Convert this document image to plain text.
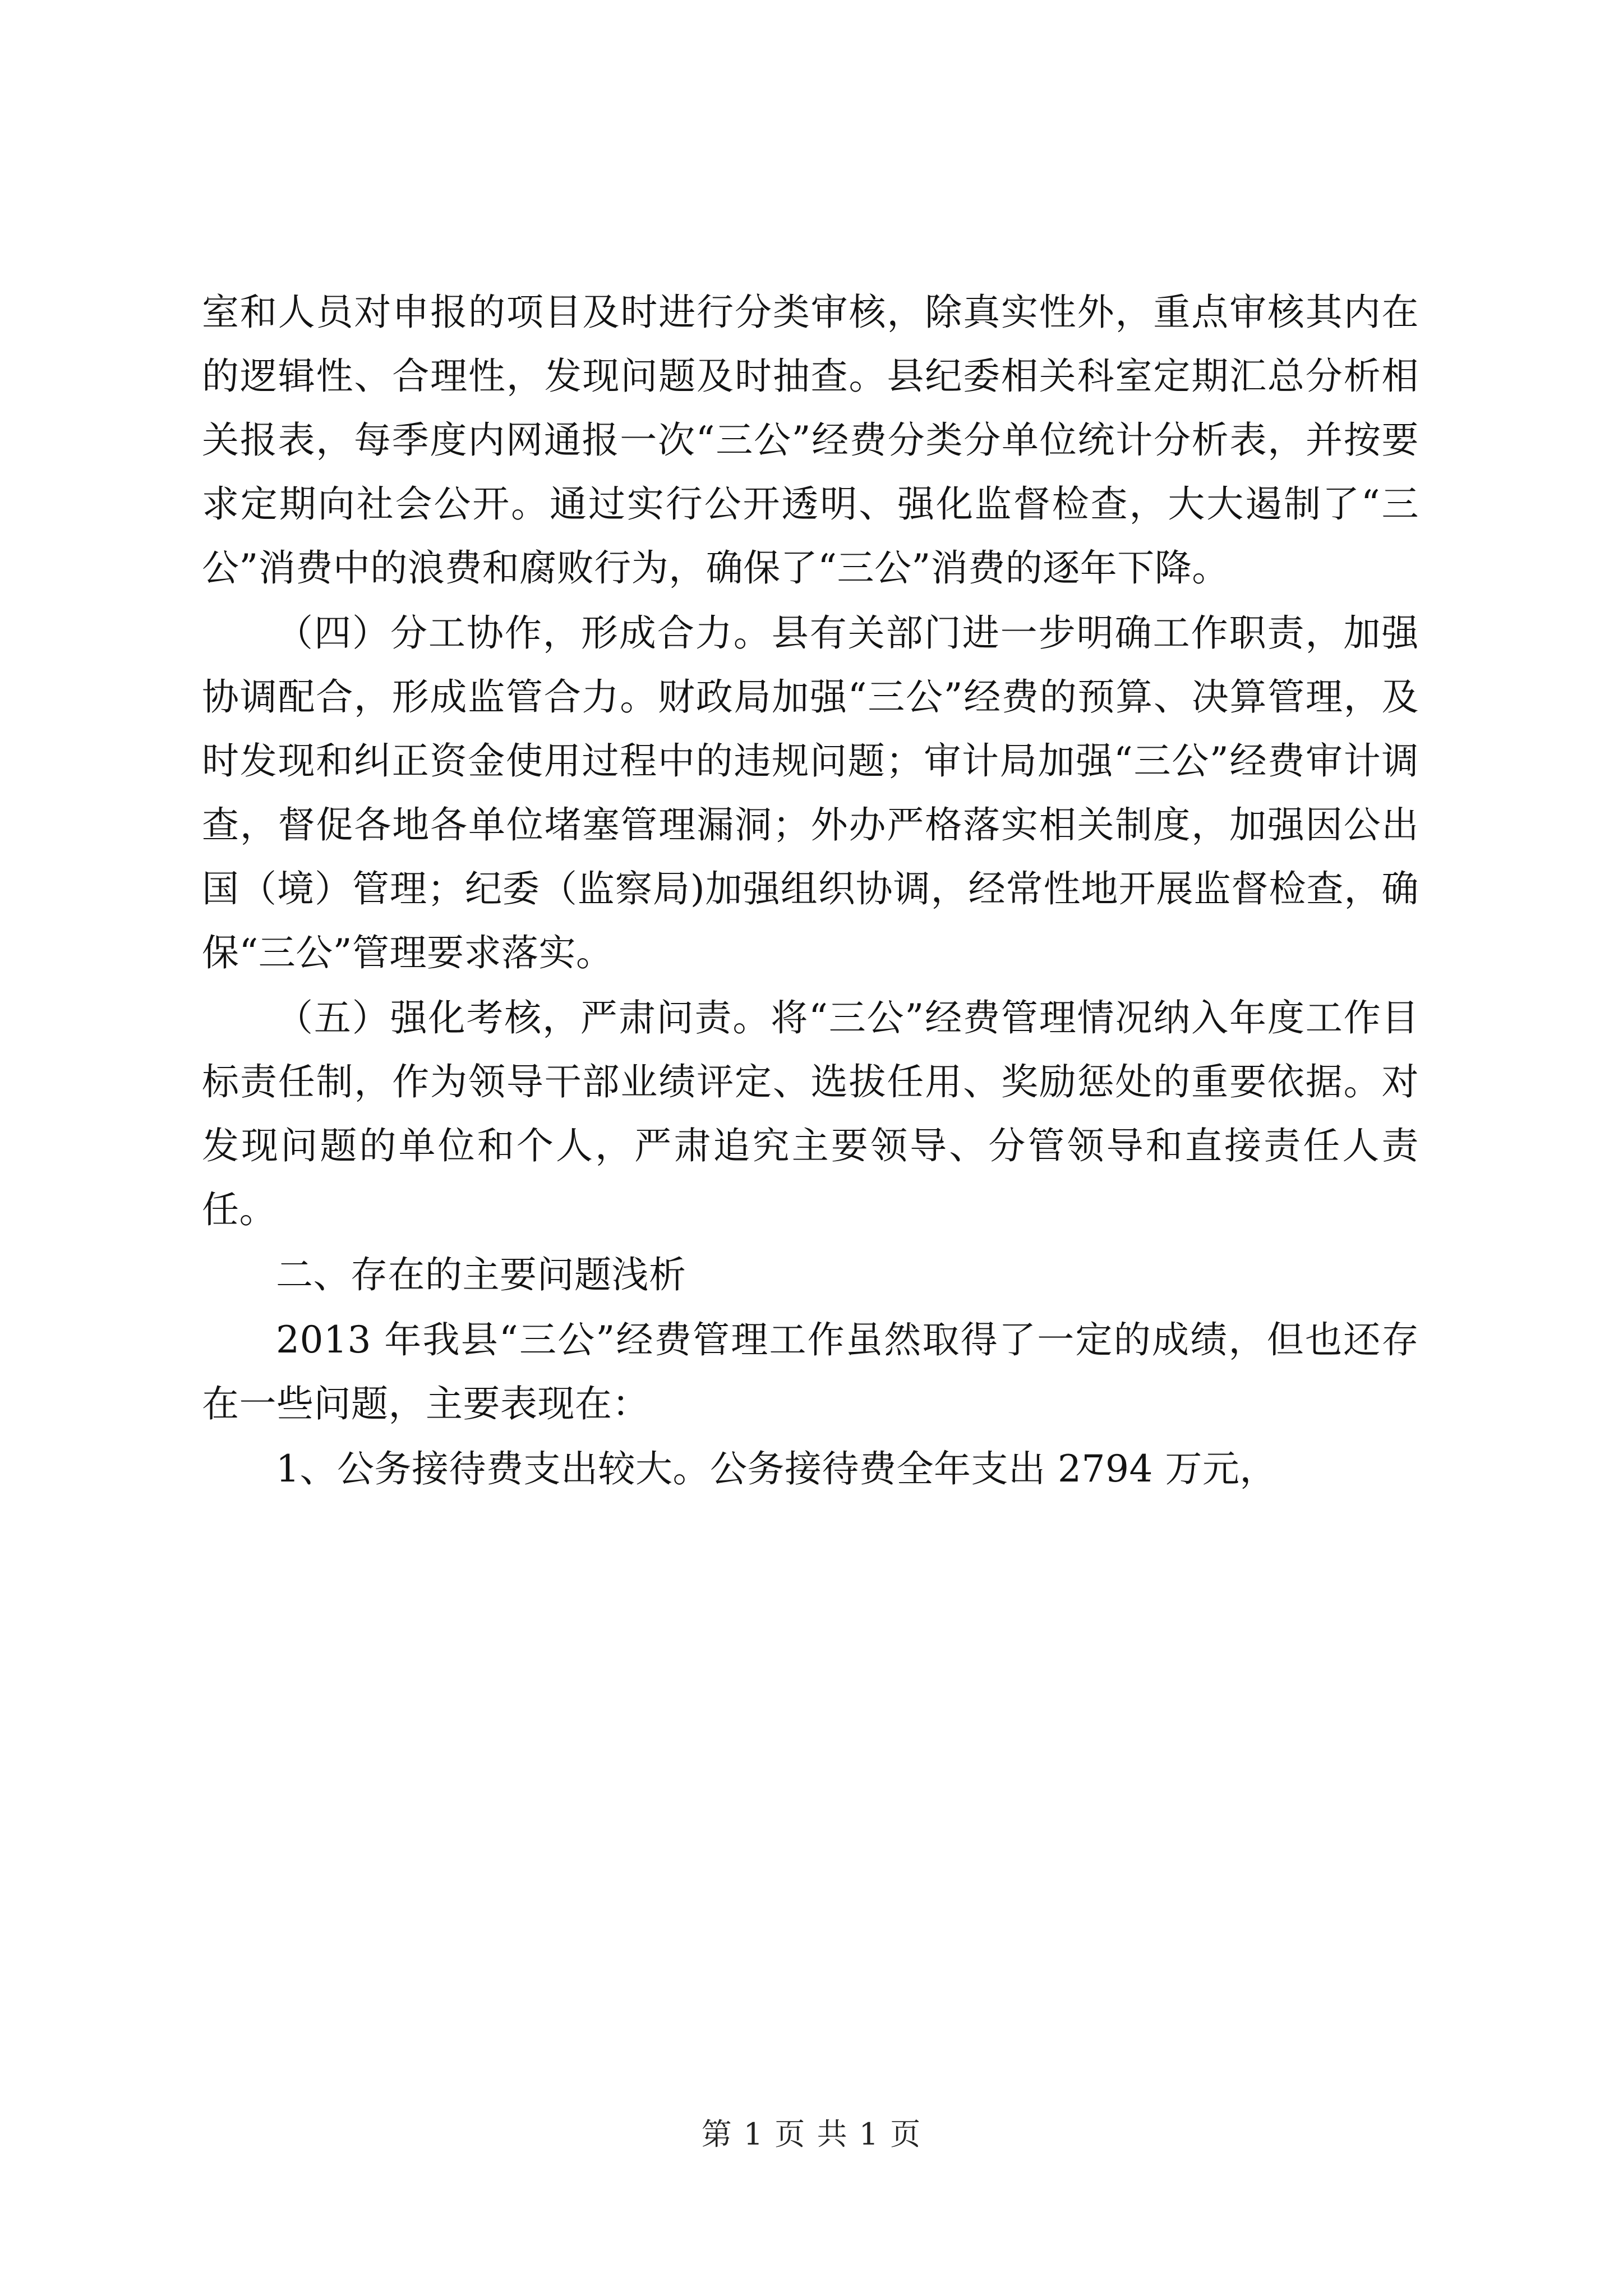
室和人员对申报的项目及时进行分类审核，除真实性外，重点审核其内在的逻辑性、合理性，发现问题及时抽查。县纪委相关科室定期汇总分析相关报表，每季度内网通报一次“三公”经费分类分单位统计分析表，并按要求定期向社会公开。通过实行公开透明、强化监督检查，大大遏制了“三公”消费中的浪费和腐败行为，确保了“三公”消费的逐年下降。

（四）分工协作，形成合力。县有关部门进一步明确工作职责，加强协调配合，形成监管合力。财政局加强“三公”经费的预算、决算管理，及时发现和纠正资金使用过程中的违规问题；审计局加强“三公”经费审计调查，督促各地各单位堵塞管理漏洞；外办严格落实相关制度，加强因公出国（境）管理；纪委（监察局)加强组织协调，经常性地开展监督检查，确保“三公”管理要求落实。

（五）强化考核，严肃问责。将“三公”经费管理情况纳入年度工作目标责任制，作为领导干部业绩评定、选拔任用、奖励惩处的重要依据。对发现问题的单位和个人，严肃追究主要领导、分管领导和直接责任人责任。

二、存在的主要问题浅析

2013 年我县“三公”经费管理工作虽然取得了一定的成绩，但也还存在一些问题，主要表现在：

1、公务接待费支出较大。公务接待费全年支出 2794 万元，

第 1 页 共 1 页
